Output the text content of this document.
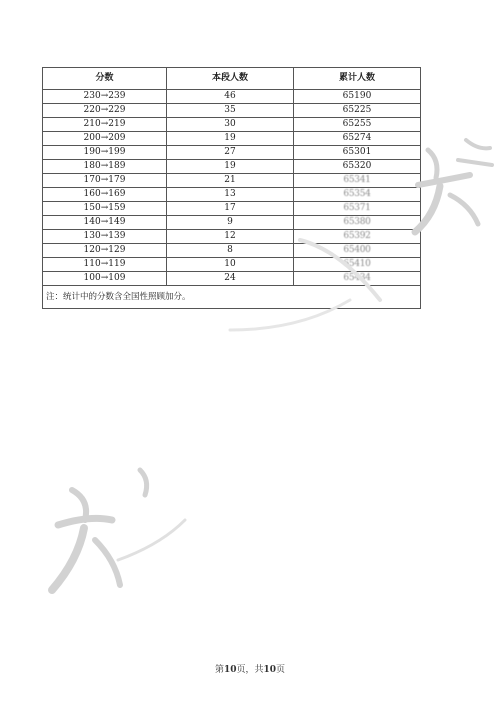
分数	本段人数	累计人数
230→239	46	65190
220→229	35	65225
210→219	30	65255
200→209	19	65274
190→199	27	65301
180→189	19	65320
170→179	21	65341
160→169	13	65354
150→159	17	65371
140→149	9	65380
130→139	12	65392
120→129	8	65400
110→119	10	65410
100→109	24	65434
注：统计中的分数含全国性照顾加分。		
第10页，共10页
